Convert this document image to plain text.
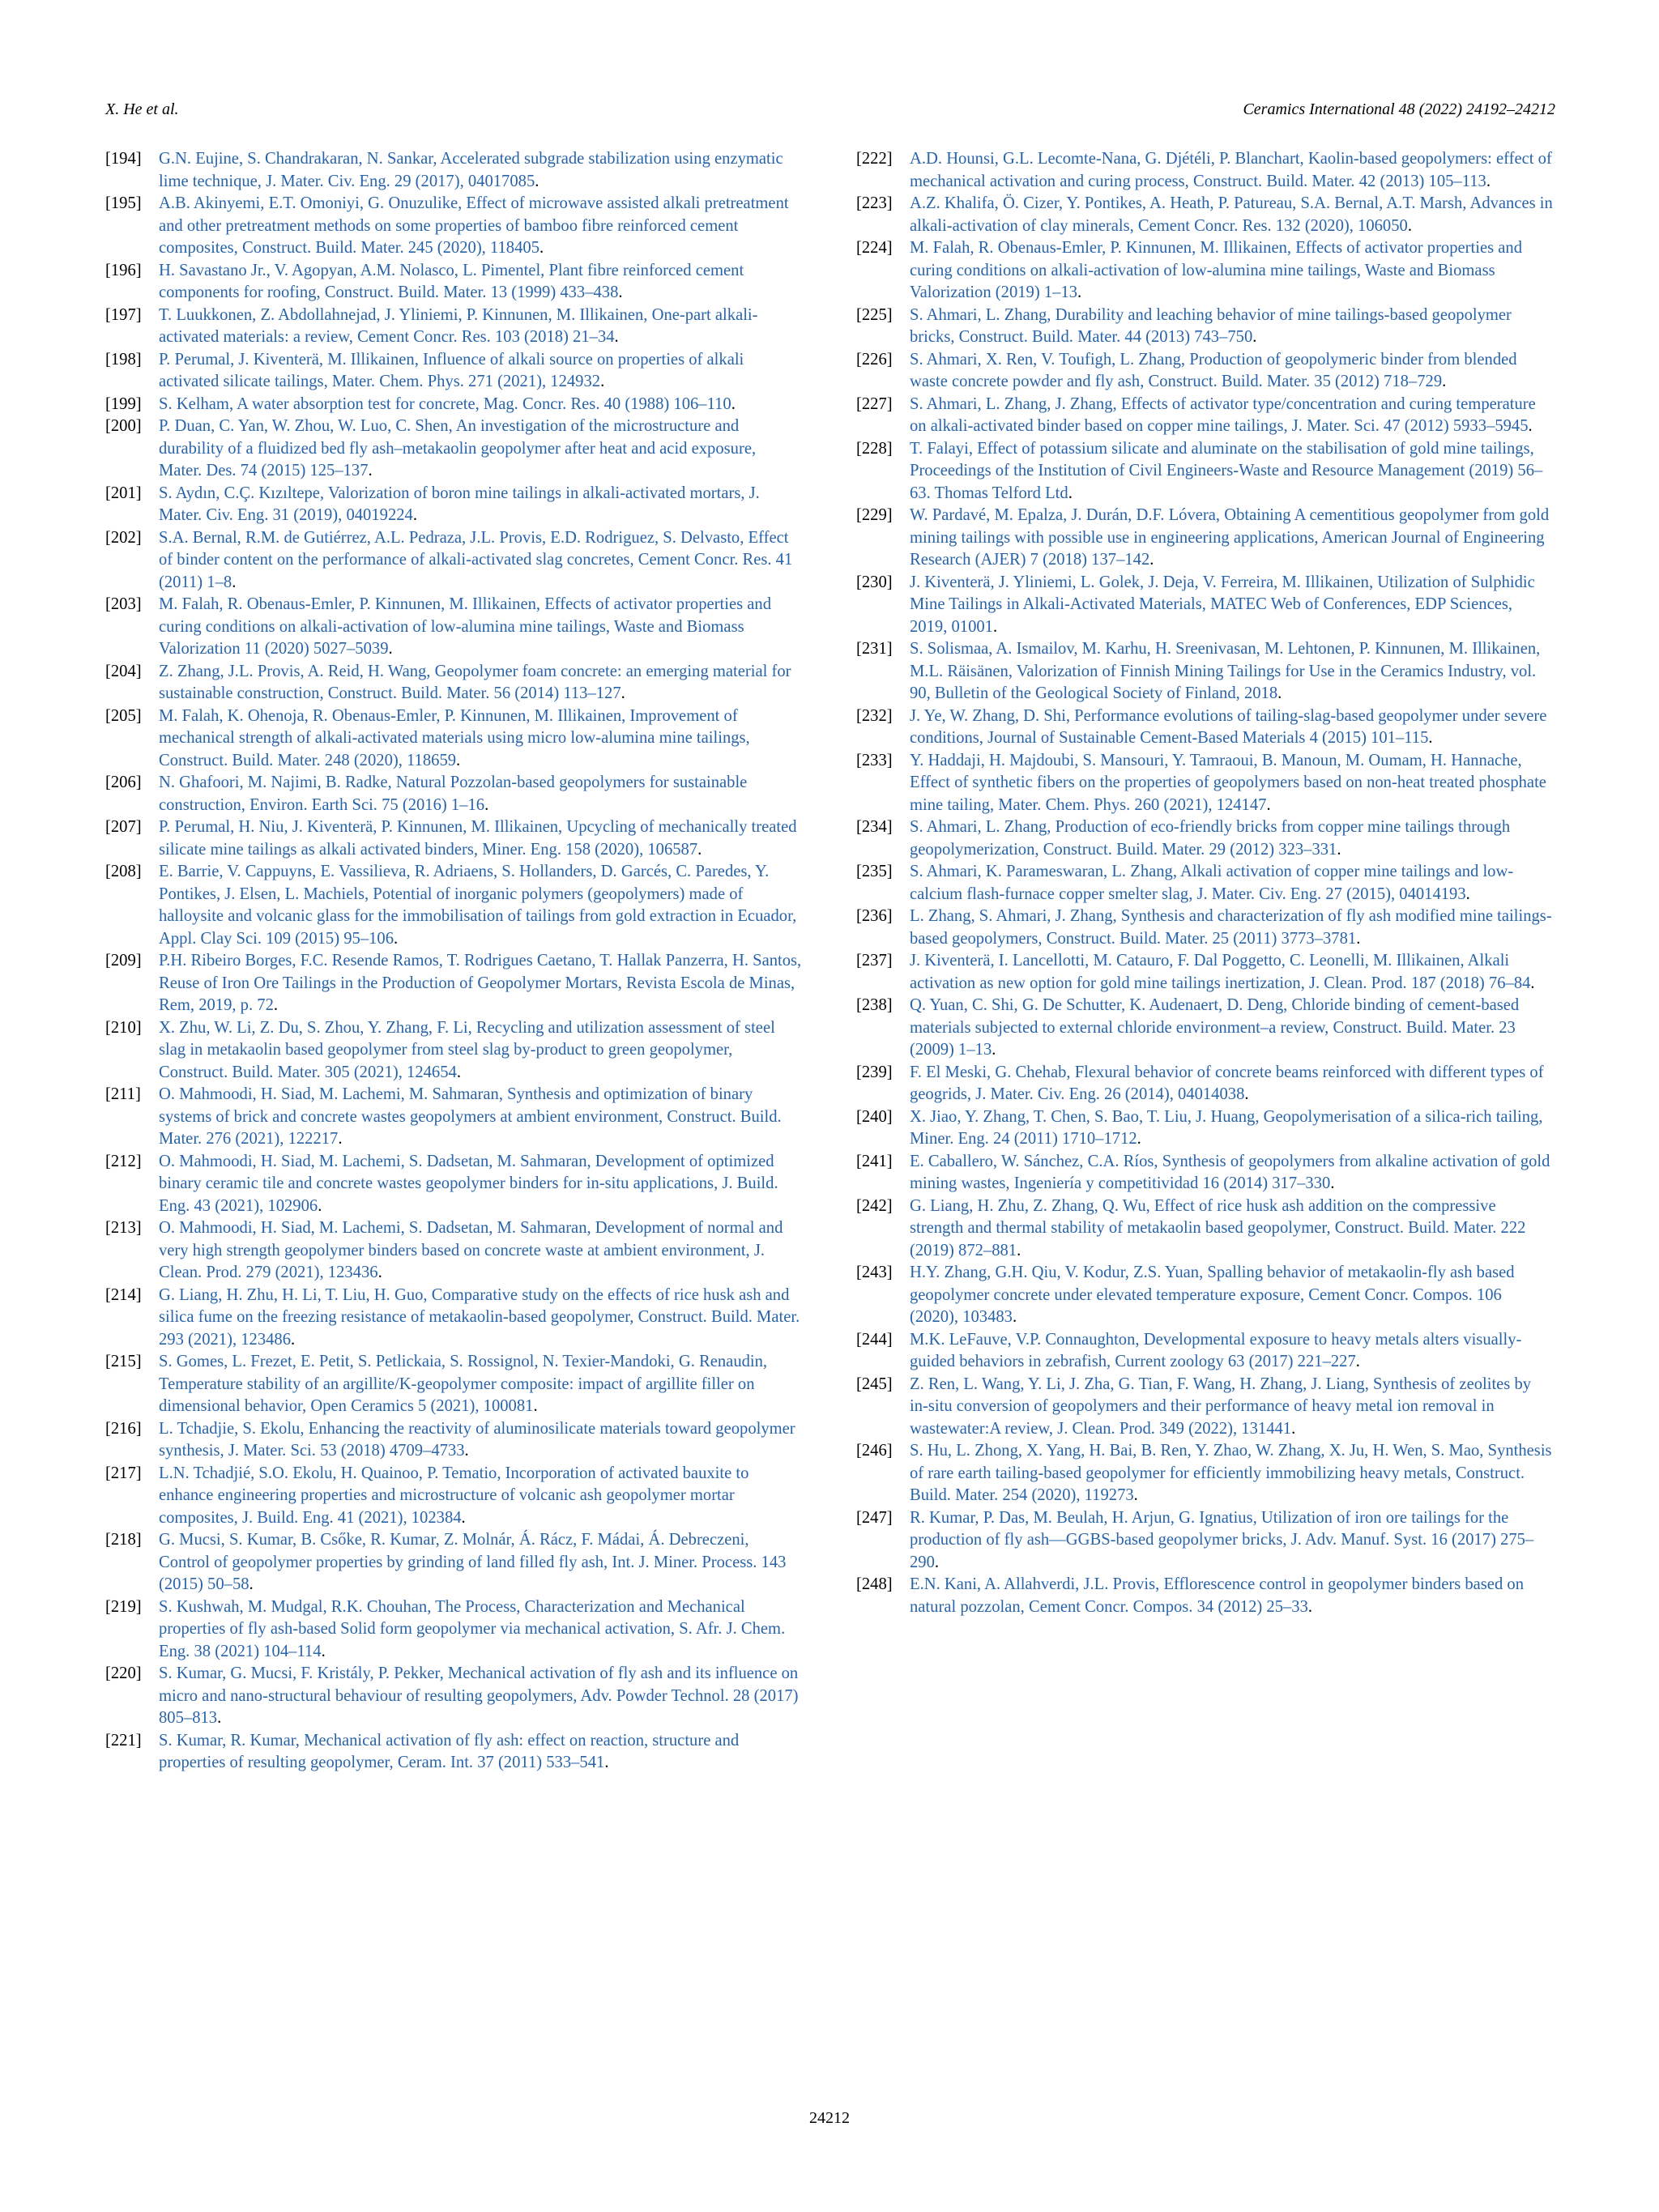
X. He et al.	Ceramics International 48 (2022) 24192–24212
[194]	G.N. Eujine, S. Chandrakaran, N. Sankar, Accelerated subgrade stabilization using enzymatic lime technique, J. Mater. Civ. Eng. 29 (2017), 04017085.
[195]	A.B. Akinyemi, E.T. Omoniyi, G. Onuzulike, Effect of microwave assisted alkali pretreatment and other pretreatment methods on some properties of bamboo fibre reinforced cement composites, Construct. Build. Mater. 245 (2020), 118405.
[196]	H. Savastano Jr., V. Agopyan, A.M. Nolasco, L. Pimentel, Plant fibre reinforced cement components for roofing, Construct. Build. Mater. 13 (1999) 433–438.
[197]	T. Luukkonen, Z. Abdollahnejad, J. Yliniemi, P. Kinnunen, M. Illikainen, One-part alkali-activated materials: a review, Cement Concr. Res. 103 (2018) 21–34.
[198]	P. Perumal, J. Kiventerä, M. Illikainen, Influence of alkali source on properties of alkali activated silicate tailings, Mater. Chem. Phys. 271 (2021), 124932.
[199]	S. Kelham, A water absorption test for concrete, Mag. Concr. Res. 40 (1988) 106–110.
[200]	P. Duan, C. Yan, W. Zhou, W. Luo, C. Shen, An investigation of the microstructure and durability of a fluidized bed fly ash–metakaolin geopolymer after heat and acid exposure, Mater. Des. 74 (2015) 125–137.
[201]	S. Aydın, C.Ç. Kızıltepe, Valorization of boron mine tailings in alkali-activated mortars, J. Mater. Civ. Eng. 31 (2019), 04019224.
[202]	S.A. Bernal, R.M. de Gutiérrez, A.L. Pedraza, J.L. Provis, E.D. Rodriguez, S. Delvasto, Effect of binder content on the performance of alkali-activated slag concretes, Cement Concr. Res. 41 (2011) 1–8.
[203]	M. Falah, R. Obenaus-Emler, P. Kinnunen, M. Illikainen, Effects of activator properties and curing conditions on alkali-activation of low-alumina mine tailings, Waste and Biomass Valorization 11 (2020) 5027–5039.
[204]	Z. Zhang, J.L. Provis, A. Reid, H. Wang, Geopolymer foam concrete: an emerging material for sustainable construction, Construct. Build. Mater. 56 (2014) 113–127.
[205]	M. Falah, K. Ohenoja, R. Obenaus-Emler, P. Kinnunen, M. Illikainen, Improvement of mechanical strength of alkali-activated materials using micro low-alumina mine tailings, Construct. Build. Mater. 248 (2020), 118659.
[206]	N. Ghafoori, M. Najimi, B. Radke, Natural Pozzolan-based geopolymers for sustainable construction, Environ. Earth Sci. 75 (2016) 1–16.
[207]	P. Perumal, H. Niu, J. Kiventerä, P. Kinnunen, M. Illikainen, Upcycling of mechanically treated silicate mine tailings as alkali activated binders, Miner. Eng. 158 (2020), 106587.
[208]	E. Barrie, V. Cappuyns, E. Vassilieva, R. Adriaens, S. Hollanders, D. Garcés, C. Paredes, Y. Pontikes, J. Elsen, L. Machiels, Potential of inorganic polymers (geopolymers) made of halloysite and volcanic glass for the immobilisation of tailings from gold extraction in Ecuador, Appl. Clay Sci. 109 (2015) 95–106.
[209]	P.H. Ribeiro Borges, F.C. Resende Ramos, T. Rodrigues Caetano, T. Hallak Panzerra, H. Santos, Reuse of Iron Ore Tailings in the Production of Geopolymer Mortars, Revista Escola de Minas, Rem, 2019, p. 72.
[210]	X. Zhu, W. Li, Z. Du, S. Zhou, Y. Zhang, F. Li, Recycling and utilization assessment of steel slag in metakaolin based geopolymer from steel slag by-product to green geopolymer, Construct. Build. Mater. 305 (2021), 124654.
[211]	O. Mahmoodi, H. Siad, M. Lachemi, M. Sahmaran, Synthesis and optimization of binary systems of brick and concrete wastes geopolymers at ambient environment, Construct. Build. Mater. 276 (2021), 122217.
[212]	O. Mahmoodi, H. Siad, M. Lachemi, S. Dadsetan, M. Sahmaran, Development of optimized binary ceramic tile and concrete wastes geopolymer binders for in-situ applications, J. Build. Eng. 43 (2021), 102906.
[213]	O. Mahmoodi, H. Siad, M. Lachemi, S. Dadsetan, M. Sahmaran, Development of normal and very high strength geopolymer binders based on concrete waste at ambient environment, J. Clean. Prod. 279 (2021), 123436.
[214]	G. Liang, H. Zhu, H. Li, T. Liu, H. Guo, Comparative study on the effects of rice husk ash and silica fume on the freezing resistance of metakaolin-based geopolymer, Construct. Build. Mater. 293 (2021), 123486.
[215]	S. Gomes, L. Frezet, E. Petit, S. Petlickaia, S. Rossignol, N. Texier-Mandoki, G. Renaudin, Temperature stability of an argillite/K-geopolymer composite: impact of argillite filler on dimensional behavior, Open Ceramics 5 (2021), 100081.
[216]	L. Tchadjie, S. Ekolu, Enhancing the reactivity of aluminosilicate materials toward geopolymer synthesis, J. Mater. Sci. 53 (2018) 4709–4733.
[217]	L.N. Tchadjié, S.O. Ekolu, H. Quainoo, P. Tematio, Incorporation of activated bauxite to enhance engineering properties and microstructure of volcanic ash geopolymer mortar composites, J. Build. Eng. 41 (2021), 102384.
[218]	G. Mucsi, S. Kumar, B. Csőke, R. Kumar, Z. Molnár, Á. Rácz, F. Mádai, Á. Debreczeni, Control of geopolymer properties by grinding of land filled fly ash, Int. J. Miner. Process. 143 (2015) 50–58.
[219]	S. Kushwah, M. Mudgal, R.K. Chouhan, The Process, Characterization and Mechanical properties of fly ash-based Solid form geopolymer via mechanical activation, S. Afr. J. Chem. Eng. 38 (2021) 104–114.
[220]	S. Kumar, G. Mucsi, F. Kristály, P. Pekker, Mechanical activation of fly ash and its influence on micro and nano-structural behaviour of resulting geopolymers, Adv. Powder Technol. 28 (2017) 805–813.
[221]	S. Kumar, R. Kumar, Mechanical activation of fly ash: effect on reaction, structure and properties of resulting geopolymer, Ceram. Int. 37 (2011) 533–541.
[222]	A.D. Hounsi, G.L. Lecomte-Nana, G. Djétéli, P. Blanchart, Kaolin-based geopolymers: effect of mechanical activation and curing process, Construct. Build. Mater. 42 (2013) 105–113.
[223]	A.Z. Khalifa, Ö. Cizer, Y. Pontikes, A. Heath, P. Patureau, S.A. Bernal, A.T. Marsh, Advances in alkali-activation of clay minerals, Cement Concr. Res. 132 (2020), 106050.
[224]	M. Falah, R. Obenaus-Emler, P. Kinnunen, M. Illikainen, Effects of activator properties and curing conditions on alkali-activation of low-alumina mine tailings, Waste and Biomass Valorization (2019) 1–13.
[225]	S. Ahmari, L. Zhang, Durability and leaching behavior of mine tailings-based geopolymer bricks, Construct. Build. Mater. 44 (2013) 743–750.
[226]	S. Ahmari, X. Ren, V. Toufigh, L. Zhang, Production of geopolymeric binder from blended waste concrete powder and fly ash, Construct. Build. Mater. 35 (2012) 718–729.
[227]	S. Ahmari, L. Zhang, J. Zhang, Effects of activator type/concentration and curing temperature on alkali-activated binder based on copper mine tailings, J. Mater. Sci. 47 (2012) 5933–5945.
[228]	T. Falayi, Effect of potassium silicate and aluminate on the stabilisation of gold mine tailings, Proceedings of the Institution of Civil Engineers-Waste and Resource Management (2019) 56–63. Thomas Telford Ltd.
[229]	W. Pardavé, M. Epalza, J. Durán, D.F. Lóvera, Obtaining A cementitious geopolymer from gold mining tailings with possible use in engineering applications, American Journal of Engineering Research (AJER) 7 (2018) 137–142.
[230]	J. Kiventerä, J. Yliniemi, L. Golek, J. Deja, V. Ferreira, M. Illikainen, Utilization of Sulphidic Mine Tailings in Alkali-Activated Materials, MATEC Web of Conferences, EDP Sciences, 2019, 01001.
[231]	S. Solismaa, A. Ismailov, M. Karhu, H. Sreenivasan, M. Lehtonen, P. Kinnunen, M. Illikainen, M.L. Räisänen, Valorization of Finnish Mining Tailings for Use in the Ceramics Industry, vol. 90, Bulletin of the Geological Society of Finland, 2018.
[232]	J. Ye, W. Zhang, D. Shi, Performance evolutions of tailing-slag-based geopolymer under severe conditions, Journal of Sustainable Cement-Based Materials 4 (2015) 101–115.
[233]	Y. Haddaji, H. Majdoubi, S. Mansouri, Y. Tamraoui, B. Manoun, M. Oumam, H. Hannache, Effect of synthetic fibers on the properties of geopolymers based on non-heat treated phosphate mine tailing, Mater. Chem. Phys. 260 (2021), 124147.
[234]	S. Ahmari, L. Zhang, Production of eco-friendly bricks from copper mine tailings through geopolymerization, Construct. Build. Mater. 29 (2012) 323–331.
[235]	S. Ahmari, K. Parameswaran, L. Zhang, Alkali activation of copper mine tailings and low-calcium flash-furnace copper smelter slag, J. Mater. Civ. Eng. 27 (2015), 04014193.
[236]	L. Zhang, S. Ahmari, J. Zhang, Synthesis and characterization of fly ash modified mine tailings-based geopolymers, Construct. Build. Mater. 25 (2011) 3773–3781.
[237]	J. Kiventerä, I. Lancellotti, M. Catauro, F. Dal Poggetto, C. Leonelli, M. Illikainen, Alkali activation as new option for gold mine tailings inertization, J. Clean. Prod. 187 (2018) 76–84.
[238]	Q. Yuan, C. Shi, G. De Schutter, K. Audenaert, D. Deng, Chloride binding of cement-based materials subjected to external chloride environment–a review, Construct. Build. Mater. 23 (2009) 1–13.
[239]	F. El Meski, G. Chehab, Flexural behavior of concrete beams reinforced with different types of geogrids, J. Mater. Civ. Eng. 26 (2014), 04014038.
[240]	X. Jiao, Y. Zhang, T. Chen, S. Bao, T. Liu, J. Huang, Geopolymerisation of a silica-rich tailing, Miner. Eng. 24 (2011) 1710–1712.
[241]	E. Caballero, W. Sánchez, C.A. Ríos, Synthesis of geopolymers from alkaline activation of gold mining wastes, Ingeniería y competitividad 16 (2014) 317–330.
[242]	G. Liang, H. Zhu, Z. Zhang, Q. Wu, Effect of rice husk ash addition on the compressive strength and thermal stability of metakaolin based geopolymer, Construct. Build. Mater. 222 (2019) 872–881.
[243]	H.Y. Zhang, G.H. Qiu, V. Kodur, Z.S. Yuan, Spalling behavior of metakaolin-fly ash based geopolymer concrete under elevated temperature exposure, Cement Concr. Compos. 106 (2020), 103483.
[244]	M.K. LeFauve, V.P. Connaughton, Developmental exposure to heavy metals alters visually-guided behaviors in zebrafish, Current zoology 63 (2017) 221–227.
[245]	Z. Ren, L. Wang, Y. Li, J. Zha, G. Tian, F. Wang, H. Zhang, J. Liang, Synthesis of zeolites by in-situ conversion of geopolymers and their performance of heavy metal ion removal in wastewater:A review, J. Clean. Prod. 349 (2022), 131441.
[246]	S. Hu, L. Zhong, X. Yang, H. Bai, B. Ren, Y. Zhao, W. Zhang, X. Ju, H. Wen, S. Mao, Synthesis of rare earth tailing-based geopolymer for efficiently immobilizing heavy metals, Construct. Build. Mater. 254 (2020), 119273.
[247]	R. Kumar, P. Das, M. Beulah, H. Arjun, G. Ignatius, Utilization of iron ore tailings for the production of fly ash—GGBS-based geopolymer bricks, J. Adv. Manuf. Syst. 16 (2017) 275–290.
[248]	E.N. Kani, A. Allahverdi, J.L. Provis, Efflorescence control in geopolymer binders based on natural pozzolan, Cement Concr. Compos. 34 (2012) 25–33.
24212
